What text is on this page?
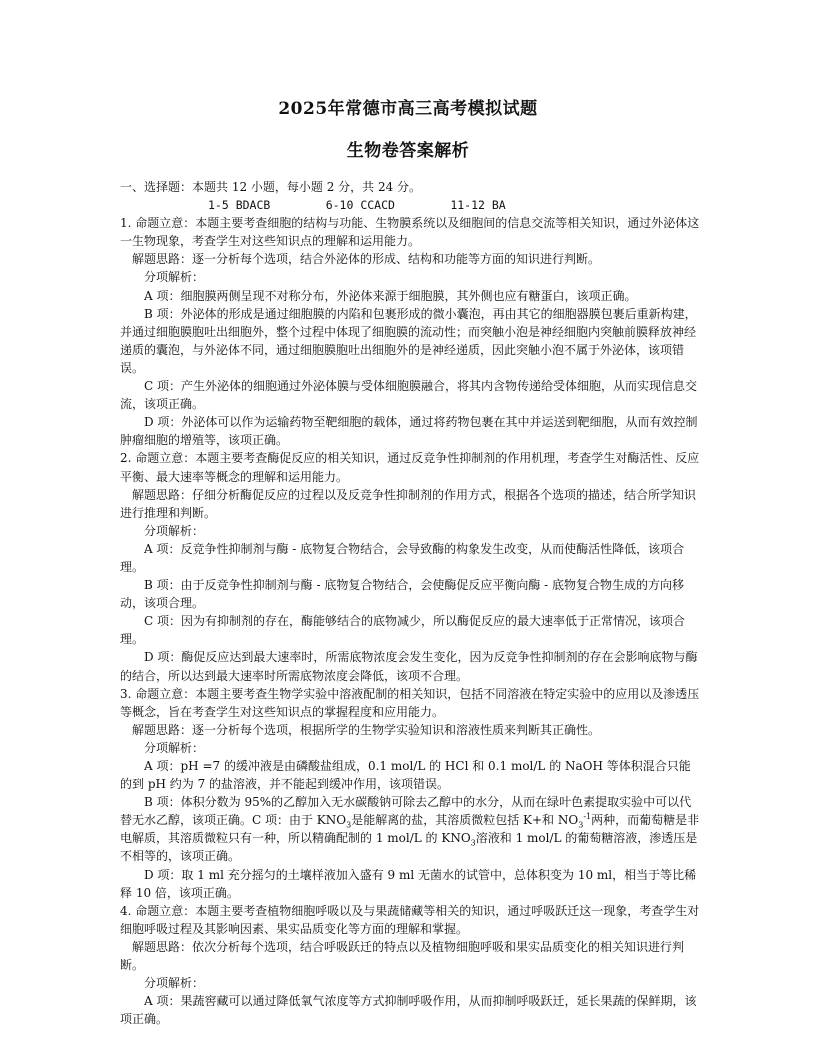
2025年常德市高三高考模拟试题
生物卷答案解析

一、选择题：本题共 12 小题，每小题 2 分，共 24 分。

1-5 BDACB        6-10 CCACD        11-12 BA

1. 命题立意：本题主要考查细胞的结构与功能、生物膜系统以及细胞间的信息交流等相关知识，通过外泌体这一生物现象，考查学生对这些知识点的理解和运用能力。

解题思路：逐一分析每个选项，结合外泌体的形成、结构和功能等方面的知识进行判断。

分项解析：

A 项：细胞膜两侧呈现不对称分布，外泌体来源于细胞膜，其外侧也应有糖蛋白，该项正确。

B 项：外泌体的形成是通过细胞膜的内陷和包裹形成的微小囊泡，再由其它的细胞器膜包裹后重新构建，并通过细胞膜胞吐出细胞外，整个过程中体现了细胞膜的流动性；而突触小泡是神经细胞内突触前膜释放神经递质的囊泡，与外泌体不同，通过细胞膜胞吐出细胞外的是神经递质，因此突触小泡不属于外泌体，该项错误。

C 项：产生外泌体的细胞通过外泌体膜与受体细胞膜融合，将其内含物传递给受体细胞，从而实现信息交流，该项正确。

D 项：外泌体可以作为运输药物至靶细胞的载体，通过将药物包裹在其中并运送到靶细胞，从而有效控制肿瘤细胞的增殖等，该项正确。

2. 命题立意：本题主要考查酶促反应的相关知识，通过反竞争性抑制剂的作用机理，考查学生对酶活性、反应平衡、最大速率等概念的理解和运用能力。

解题思路：仔细分析酶促反应的过程以及反竞争性抑制剂的作用方式，根据各个选项的描述，结合所学知识进行推理和判断。

分项解析：

A 项：反竞争性抑制剂与酶 - 底物复合物结合，会导致酶的构象发生改变，从而使酶活性降低，该项合理。

B 项：由于反竞争性抑制剂与酶 - 底物复合物结合，会使酶促反应平衡向酶 - 底物复合物生成的方向移动，该项合理。

C 项：因为有抑制剂的存在，酶能够结合的底物减少，所以酶促反应的最大速率低于正常情况，该项合理。

D 项：酶促反应达到最大速率时，所需底物浓度会发生变化，因为反竞争性抑制剂的存在会影响底物与酶的结合，所以达到最大速率时所需底物浓度会降低，该项不合理。

3. 命题立意：本题主要考查生物学实验中溶液配制的相关知识，包括不同溶液在特定实验中的应用以及渗透压等概念，旨在考查学生对这些知识点的掌握程度和应用能力。

解题思路：逐一分析每个选项，根据所学的生物学实验知识和溶液性质来判断其正确性。

分项解析：

A 项：pH =7 的缓冲液是由磷酸盐组成，0.1 mol/L 的 HCl 和 0.1 mol/L 的 NaOH 等体积混合只能的到 pH 约为 7 的盐溶液，并不能起到缓冲作用，该项错误。

B 项：体积分数为 95%的乙醇加入无水碳酸钠可除去乙醇中的水分，从而在绿叶色素提取实验中可以代替无水乙醇，该项正确。C 项：由于 $KNO_3$是能解离的盐，其溶质微粒包括 K+和 $NO_3^{-1}$两种，而葡萄糖是非电解质，其溶质微粒只有一种，所以精确配制的 1 mol/L 的 $KNO_3$溶液和 1 mol/L 的葡萄糖溶液，渗透压是不相等的，该项正确。

D 项：取 1 ml 充分摇匀的土壤样液加入盛有 9 ml 无菌水的试管中，总体积变为 10 ml，相当于等比稀释 10 倍，该项正确。

4. 命题立意：本题主要考查植物细胞呼吸以及与果蔬储藏等相关的知识，通过呼吸跃迁这一现象，考查学生对细胞呼吸过程及其影响因素、果实品质变化等方面的理解和掌握。

解题思路：依次分析每个选项，结合呼吸跃迁的特点以及植物细胞呼吸和果实品质变化的相关知识进行判断。

分项解析：

A 项：果蔬窖藏可以通过降低氧气浓度等方式抑制呼吸作用，从而抑制呼吸跃迁，延长果蔬的保鲜期，该项正确。
